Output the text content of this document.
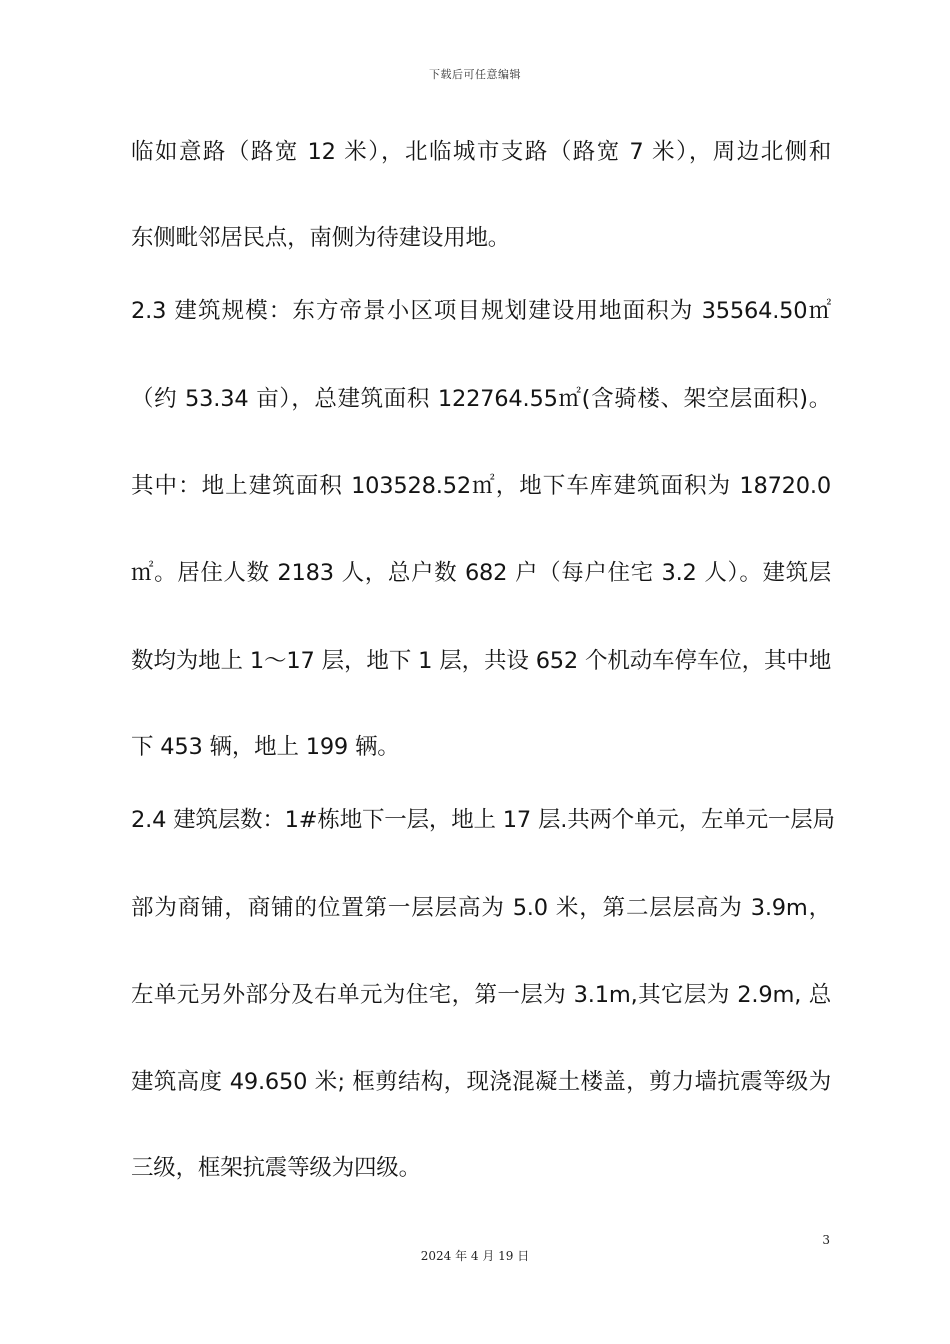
下载后可任意编辑
临如意路（路宽 12 米），北临城市支路（路宽 7 米），周边北侧和
东侧毗邻居民点，南侧为待建设用地。
2.3 建筑规模：东方帝景小区项目规划建设用地面积为 35564.50㎡
（约 53.34 亩），总建筑面积 122764.55㎡(含骑楼、架空层面积)。
其中：地上建筑面积 103528.52㎡，地下车库建筑面积为 18720.0
㎡。居住人数 2183 人，总户数 682 户（每户住宅 3.2 人）。建筑层
数均为地上 1～17 层，地下 1 层，共设 652 个机动车停车位，其中地
下 453 辆，地上 199 辆。
2.4 建筑层数：1#栋地下一层，地上 17 层.共两个单元，左单元一层局
部为商铺，商铺的位置第一层层高为 5.0 米，第二层层高为 3.9m，
左单元另外部分及右单元为住宅，第一层为 3.1m,其它层为 2.9m, 总
建筑高度 49.650 米; 框剪结构，现浇混凝土楼盖，剪力墙抗震等级为
三级，框架抗震等级为四级。
3
2024 年 4 月 19 日
